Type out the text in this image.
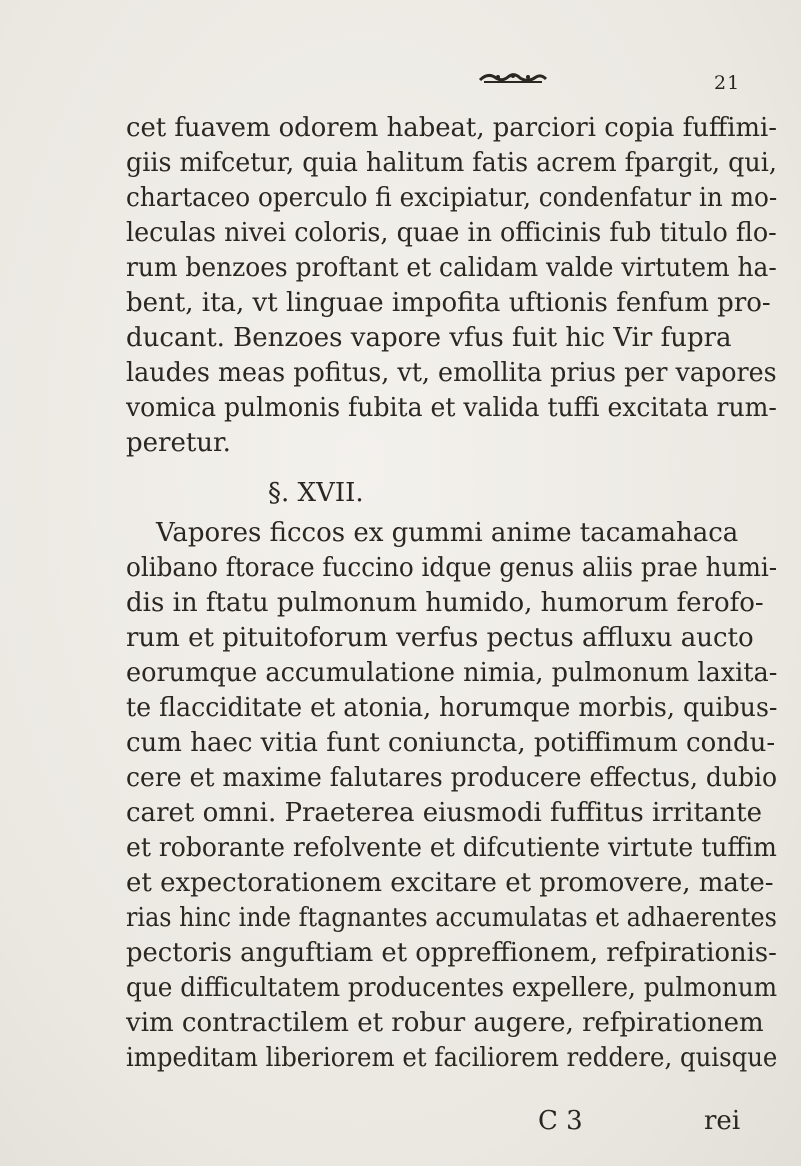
21
cet fuavem odorem habeat, parciori copia fuffimi-
giis mifcetur, quia halitum fatis acrem fpargit, qui,
chartaceo operculo fi excipiatur, condenfatur in mo-
leculas nivei coloris, quae in officinis fub titulo flo-
rum benzoes proftant et calidam valde virtutem ha-
bent, ita, vt linguae impofita uftionis fenfum pro-
ducant. Benzoes vapore vfus fuit hic Vir fupra
laudes meas pofitus, vt, emollita prius per vapores
vomica pulmonis fubita et valida tuffi excitata rum-
peretur.
§. XVII.
Vapores ficcos ex gummi anime tacamahaca
olibano ftorace fuccino idque genus aliis prae humi-
dis in ftatu pulmonum humido, humorum ferofo-
rum et pituitoforum verfus pectus affluxu aucto
eorumque accumulatione nimia, pulmonum laxita-
te flacciditate et atonia, horumque morbis, quibus-
cum haec vitia funt coniuncta, potiffimum condu-
cere et maxime falutares producere effectus, dubio
caret omni. Praeterea eiusmodi fuffitus irritante
et roborante refolvente et difcutiente virtute tuffim
et expectorationem excitare et promovere, mate-
rias hinc inde ftagnantes accumulatas et adhaerentes
pectoris anguftiam et oppreffionem, refpirationis-
que difficultatem producentes expellere, pulmonum
vim contractilem et robur augere, refpirationem
impeditam liberiorem et faciliorem reddere, quisque
C 3	rei
